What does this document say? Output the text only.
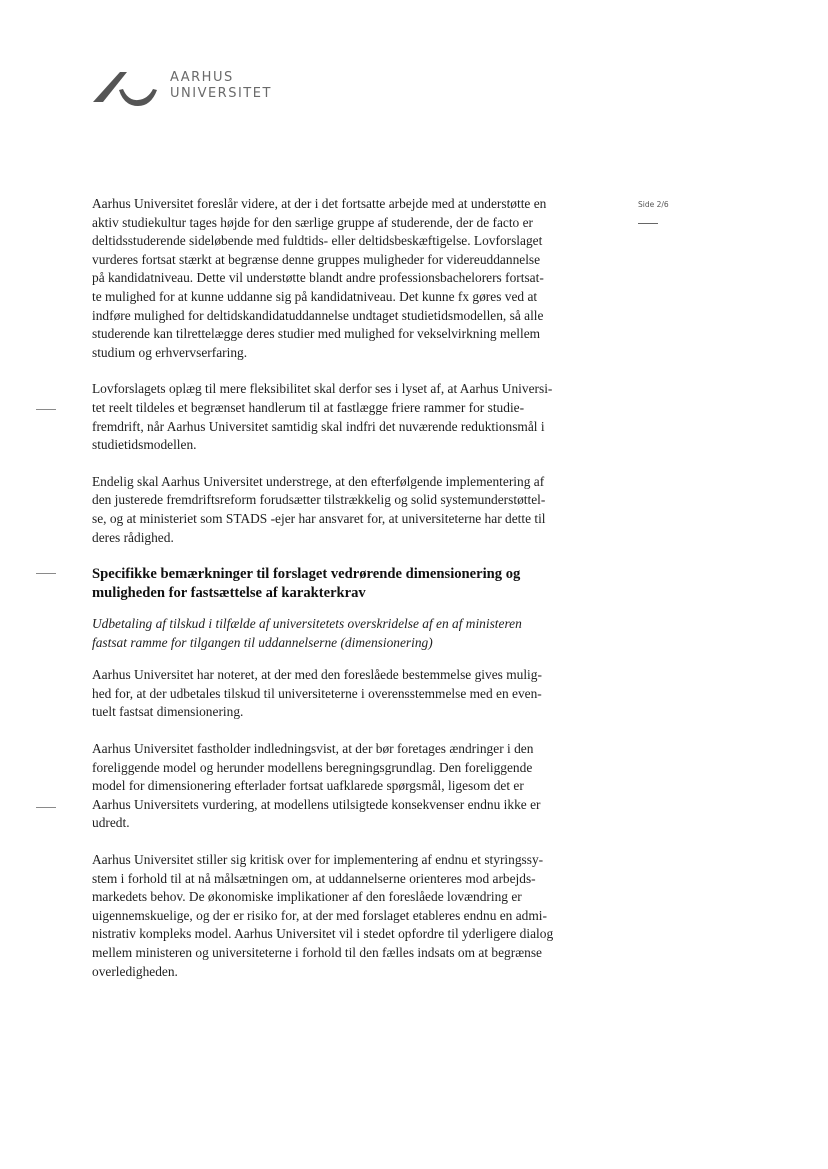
AARHUS
UNIVERSITET
Side 2/6

Aarhus Universitet foreslår videre, at der i det fortsatte arbejde med at understøtte en
aktiv studiekultur tages højde for den særlige gruppe af studerende, der de facto er
deltidsstuderende sideløbende med fuldtids- eller deltidsbeskæftigelse. Lovforslaget
vurderes fortsat stærkt at begrænse denne gruppes muligheder for videreuddannelse
på kandidatniveau. Dette vil understøtte blandt andre professionsbachelorers fortsat-
te mulighed for at kunne uddanne sig på kandidatniveau. Det kunne fx gøres ved at
indføre mulighed for deltidskandidatuddannelse undtaget studietidsmodellen, så alle
studerende kan tilrettelægge deres studier med mulighed for vekselvirkning mellem
studium og erhvervserfaring.

Lovforslagets oplæg til mere fleksibilitet skal derfor ses i lyset af, at Aarhus Universi-
tet reelt tildeles et begrænset handlerum til at fastlægge friere rammer for studie-
fremdrift, når Aarhus Universitet samtidig skal indfri det nuværende reduktionsmål i
studietidsmodellen.

Endelig skal Aarhus Universitet understrege, at den efterfølgende implementering af
den justerede fremdriftsreform forudsætter tilstrækkelig og solid systemunderstøttel-
se, og at ministeriet som STADS -ejer har ansvaret for, at universiteterne har dette til
deres rådighed.

Specifikke bemærkninger til forslaget vedrørende dimensionering og
muligheden for fastsættelse af karakterkrav

Udbetaling af tilskud i tilfælde af universitetets overskridelse af en af ministeren
fastsat ramme for tilgangen til uddannelserne (dimensionering)

Aarhus Universitet har noteret, at der med den foreslåede bestemmelse gives mulig-
hed for, at der udbetales tilskud til universiteterne i overensstemmelse med en even-
tuelt fastsat dimensionering.

Aarhus Universitet fastholder indledningsvist, at der bør foretages ændringer i den
foreliggende model og herunder modellens beregningsgrundlag. Den foreliggende
model for dimensionering efterlader fortsat uafklarede spørgsmål, ligesom det er
Aarhus Universitets vurdering, at modellens utilsigtede konsekvenser endnu ikke er
udredt.

Aarhus Universitet stiller sig kritisk over for implementering af endnu et styringssy-
stem i forhold til at nå målsætningen om, at uddannelserne orienteres mod arbejds-
markedets behov. De økonomiske implikationer af den foreslåede lovændring er
uigennemskuelige, og der er risiko for, at der med forslaget etableres endnu en admi-
nistrativ kompleks model. Aarhus Universitet vil i stedet opfordre til yderligere dialog
mellem ministeren og universiteterne i forhold til den fælles indsats om at begrænse
overledigheden.
